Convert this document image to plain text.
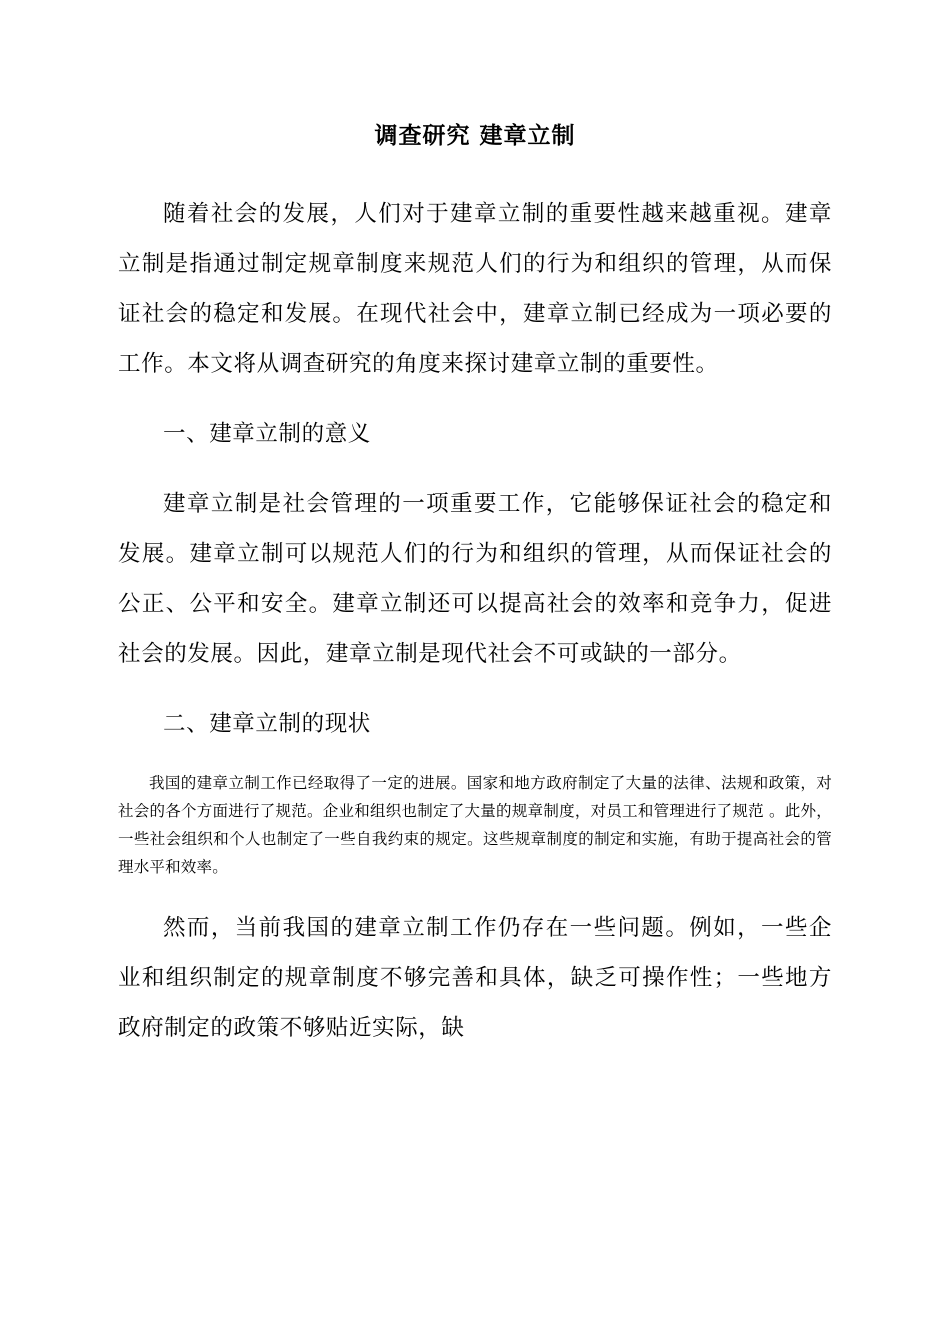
调查研究 建章立制

随着社会的发展，人们对于建章立制的重要性越来越重视。建章立制是指通过制定规章制度来规范人们的行为和组织的管理，从而保证社会的稳定和发展。在现代社会中，建章立制已经成为一项必要的工作。本文将从调查研究的角度来探讨建章立制的重要性。

一、建章立制的意义

建章立制是社会管理的一项重要工作，它能够保证社会的稳定和发展。建章立制可以规范人们的行为和组织的管理，从而保证社会的公正、公平和安全。建章立制还可以提高社会的效率和竞争力，促进社会的发展。因此，建章立制是现代社会不可或缺的一部分。

二、建章立制的现状

我国的建章立制工作已经取得了一定的进展。国家和地方政府制定了大量的法律、法规和政策，对社会的各个方面进行了规范。企业和组织也制定了大量的规章制度，对员工和管理进行了规范 。此外，一些社会组织和个人也制定了一些自我约束的规定。这些规章制度的制定和实施，有助于提高社会的管理水平和效率。

然而，当前我国的建章立制工作仍存在一些问题。例如，一些企业和组织制定的规章制度不够完善和具体，缺乏可操作性；一些地方政府制定的政策不够贴近实际，缺
